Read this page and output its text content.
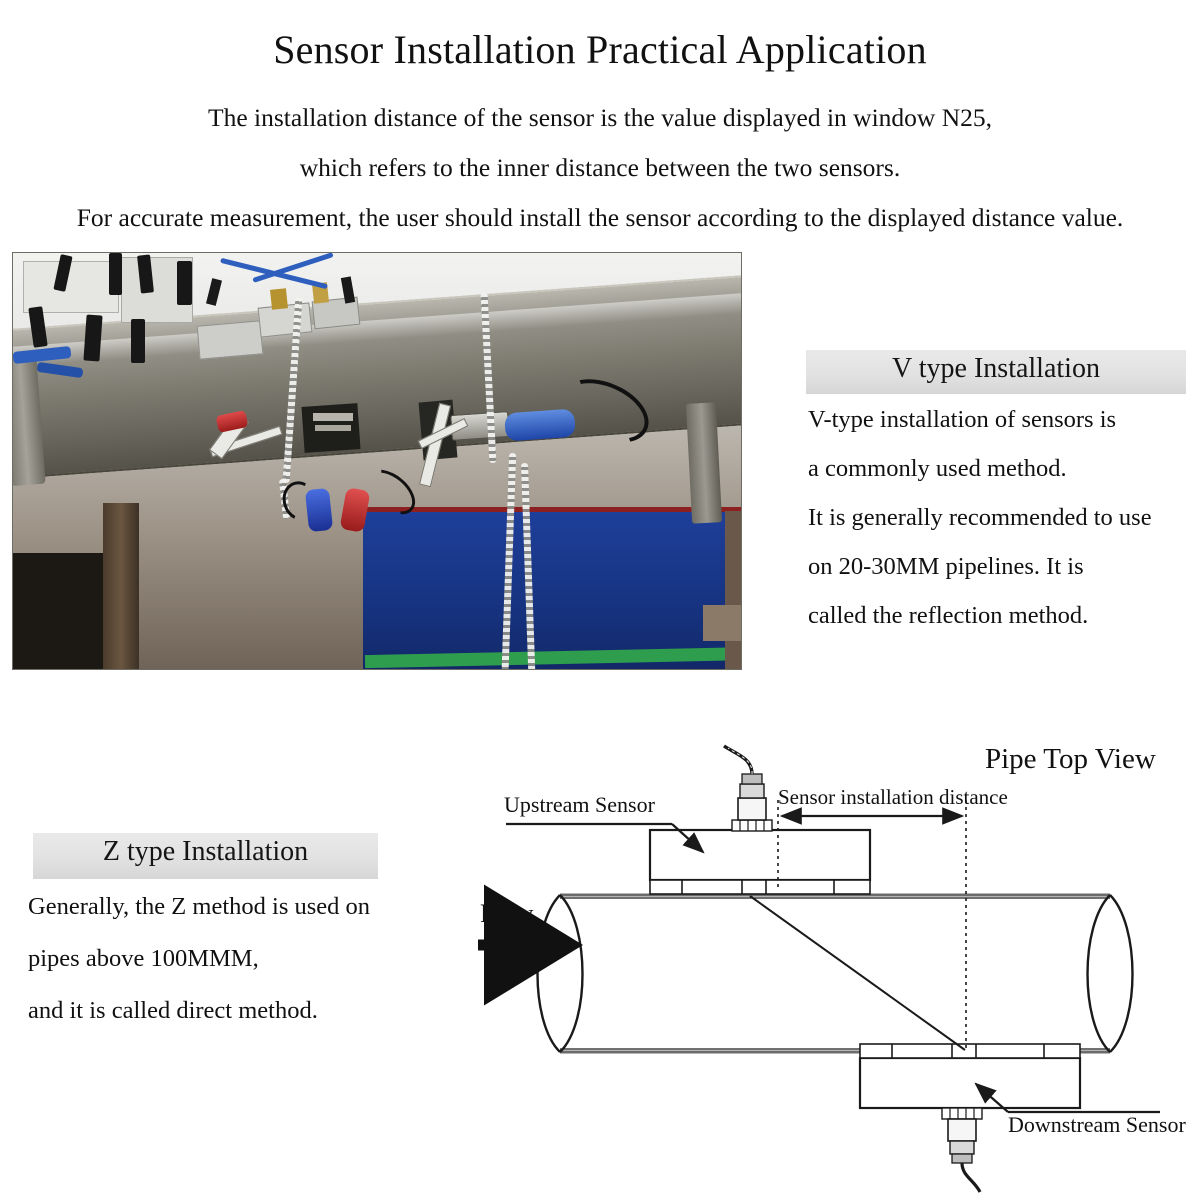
Sensor Installation Practical Application
The installation distance of the sensor is the value displayed in window N25,
which refers to the inner distance between the two sensors.
For accurate measurement, the user should install the sensor according to the displayed distance value.
V type Installation
V-type installation of sensors is
a commonly used method.
It is generally recommended to use
on 20-30MM pipelines. It is
called the reflection method.
Z type Installation
Generally, the Z method is used on
pipes above 100MMM,
and it is called direct method.
Flow
Upstream Sensor
Downstream Sensor
Sensor installation distance
Pipe Top View
